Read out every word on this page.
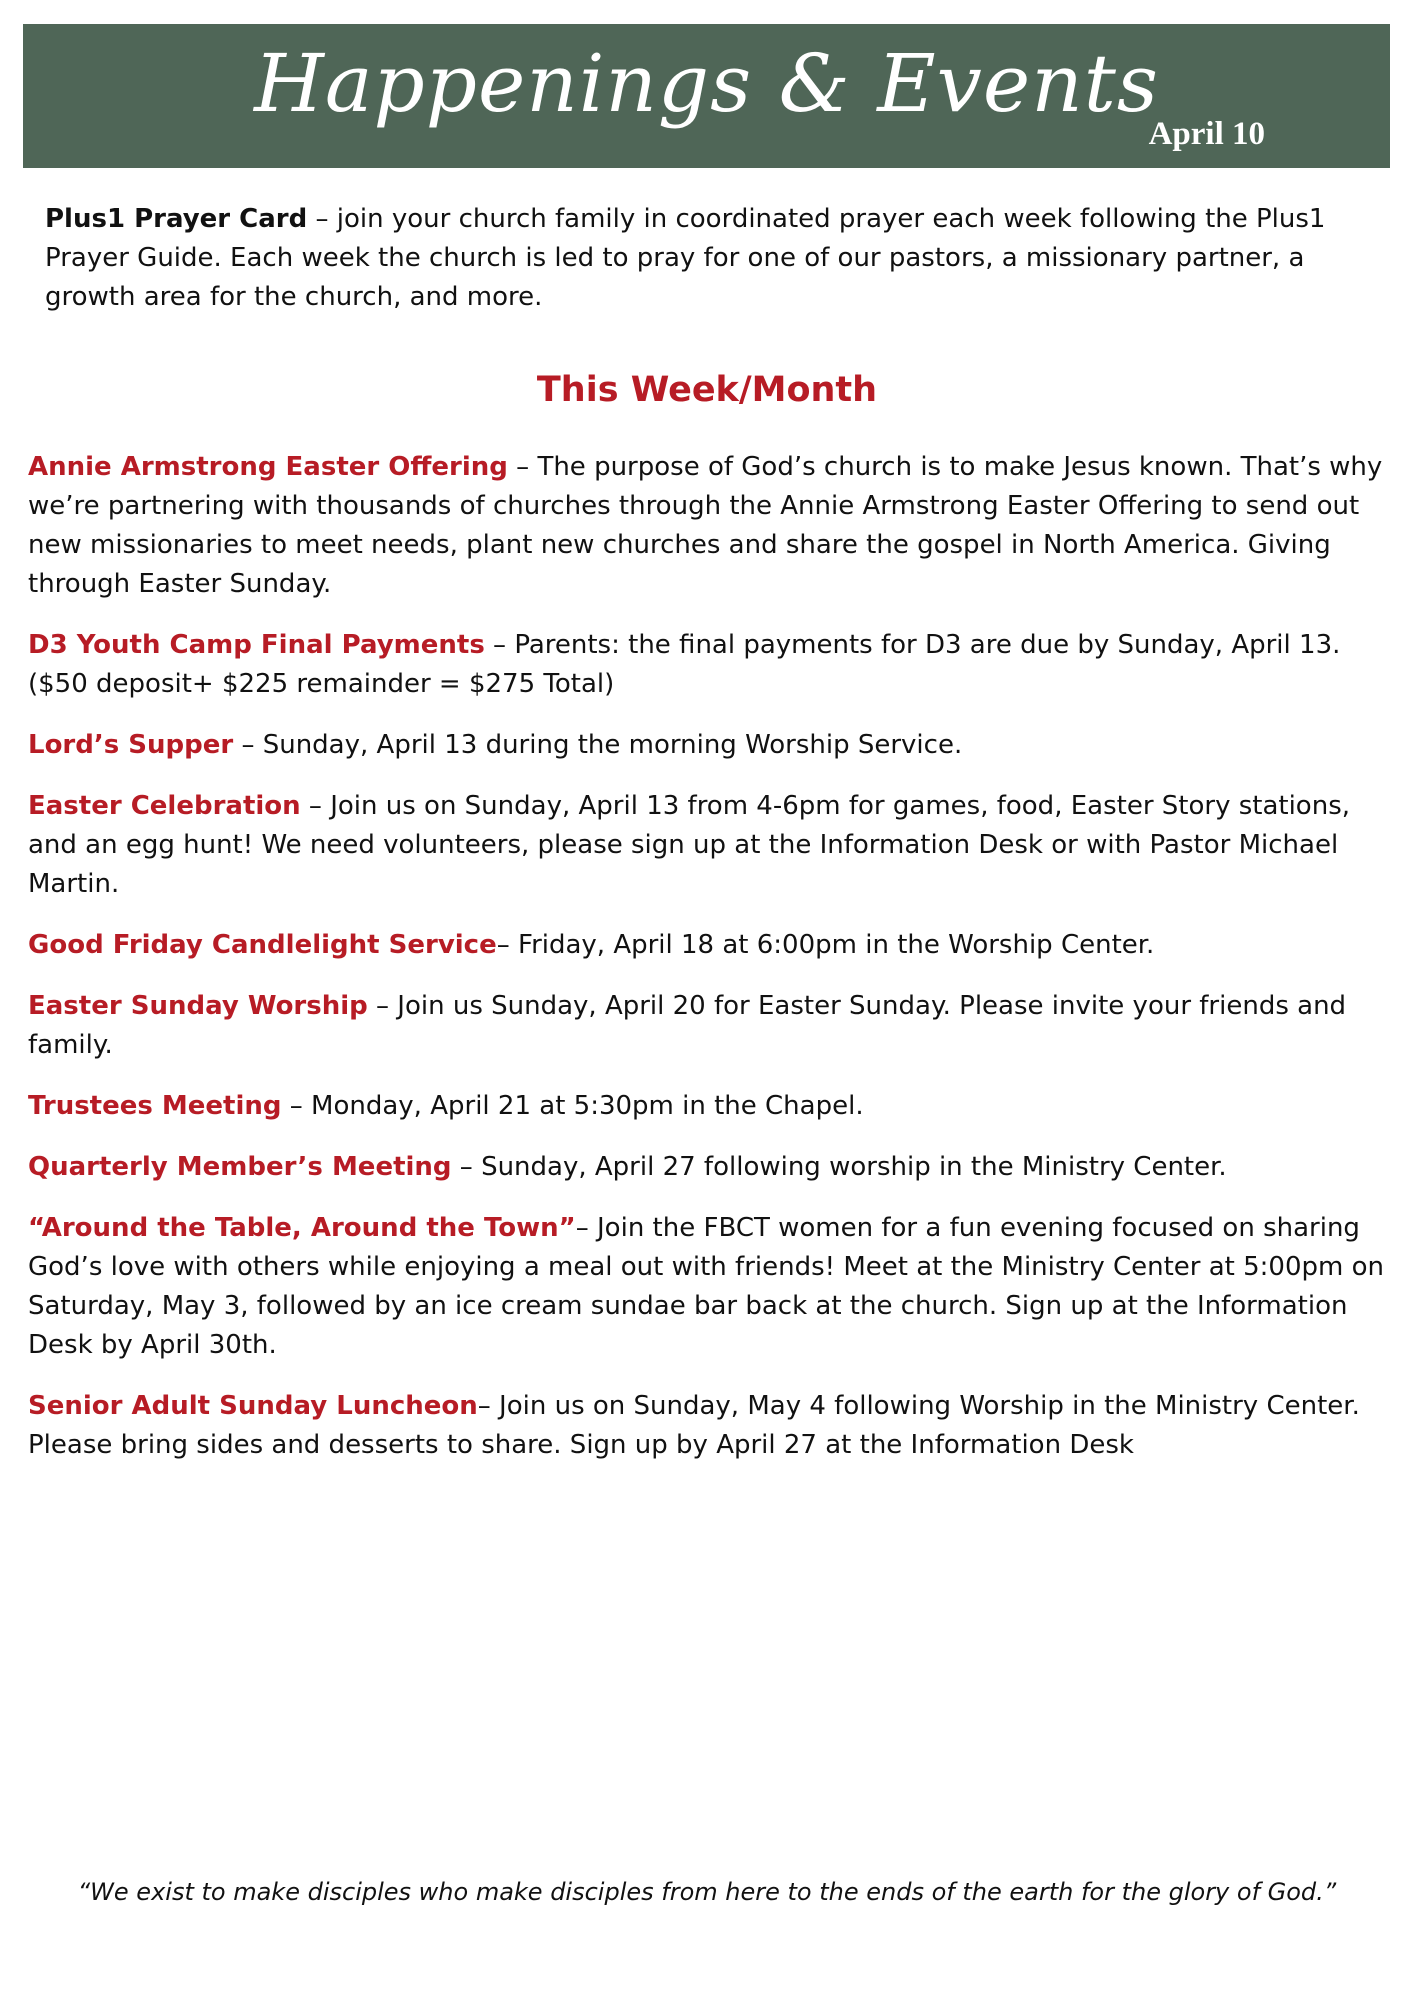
Happenings & Events
April 10

Plus1 Prayer Card – join your church family in coordinated prayer each week following the Plus1 Prayer Guide. Each week the church is led to pray for one of our pastors, a missionary partner, a growth area for the church, and more.

This Week/Month

Annie Armstrong Easter Offering – The purpose of God’s church is to make Jesus known. That’s why we’re partnering with thousands of churches through the Annie Armstrong Easter Offering to send out new missionaries to meet needs, plant new churches and share the gospel in North America. Giving through Easter Sunday.

D3 Youth Camp Final Payments – Parents: the final payments for D3 are due by Sunday, April 13. ($50 deposit+ $225 remainder = $275 Total)

Lord’s Supper – Sunday, April 13 during the morning Worship Service.

Easter Celebration – Join us on Sunday, April 13 from 4-6pm for games, food, Easter Story stations, and an egg hunt! We need volunteers, please sign up at the Information Desk or with Pastor Michael Martin.

Good Friday Candlelight Service– Friday, April 18 at 6:00pm in the Worship Center.

Easter Sunday Worship – Join us Sunday, April 20 for Easter Sunday. Please invite your friends and family.

Trustees Meeting – Monday, April 21 at 5:30pm in the Chapel.

Quarterly Member’s Meeting – Sunday, April 27 following worship in the Ministry Center.

“Around the Table, Around the Town”– Join the FBCT women for a fun evening focused on sharing God’s love with others while enjoying a meal out with friends! Meet at the Ministry Center at 5:00pm on Saturday, May 3, followed by an ice cream sundae bar back at the church. Sign up at the Information Desk by April 30th.

Senior Adult Sunday Luncheon– Join us on Sunday, May 4 following Worship in the Ministry Center. Please bring sides and desserts to share. Sign up by April 27 at the Information Desk

“We exist to make disciples who make disciples from here to the ends of the earth for the glory of God.”
